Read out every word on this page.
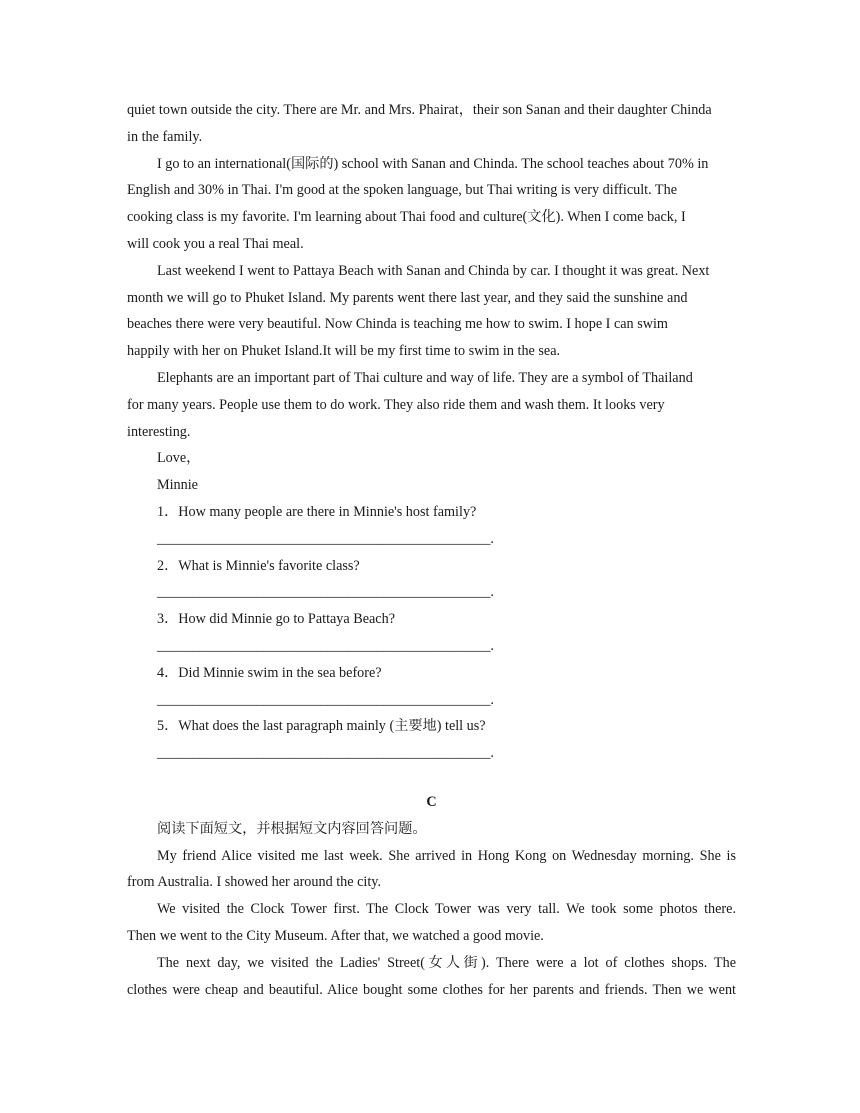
quiet town outside the city. There are Mr. and Mrs. Phairat，their son Sanan and their daughter Chinda
in the family.
I go to an international(国际的) school with Sanan and Chinda. The school teaches about 70% in
English and 30% in Thai. I'm good at the spoken language, but Thai writing is very difficult. The
cooking class is my favorite. I'm learning about Thai food and culture(文化). When I come back, I
will cook you a real Thai meal.
Last weekend I went to Pattaya Beach with Sanan and Chinda by car. I thought it was great. Next
month we will go to Phuket Island. My parents went there last year, and they said the sunshine and
beaches there were very beautiful. Now Chinda is teaching me how to swim. I hope I can swim
happily with her on Phuket Island.It will be my first time to swim in the sea.
Elephants are an important part of Thai culture and way of life. They are a symbol of Thailand
for many years. People use them to do work. They also ride them and wash them. It looks very
interesting.
Love，
Minnie
1．How many people are there in Minnie's host family?
_______________________________________________.
2．What is Minnie's favorite class?
_______________________________________________.
3．How did Minnie go to Pattaya Beach?
_______________________________________________.
4．Did Minnie swim in the sea before?
_______________________________________________.
5．What does the last paragraph mainly (主要地) tell us?
_______________________________________________.
C
阅读下面短文，并根据短文内容回答问题。
My friend Alice visited me last week. She arrived in Hong Kong on Wednesday morning. She is
from Australia. I showed her around the city.
We visited the Clock Tower first. The Clock Tower was very tall. We took some photos there.
Then we went to the City Museum. After that, we watched a good movie.
The next day, we visited the Ladies' Street(女人街). There were a lot of clothes shops. The
clothes were cheap and beautiful. Alice bought some clothes for her parents and friends. Then we went
